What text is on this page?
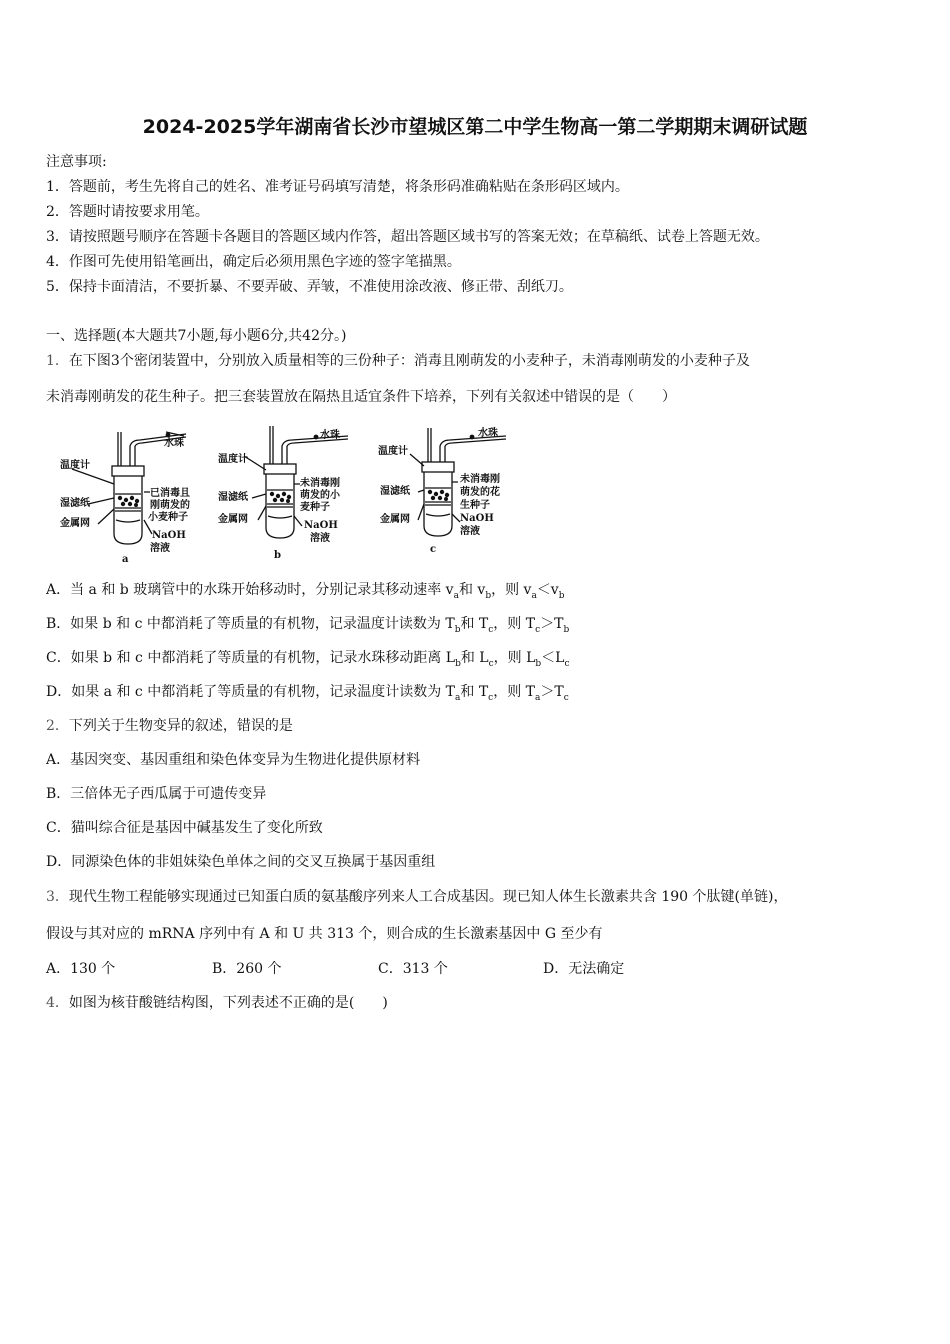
2024-2025学年湖南省长沙市望城区第二中学生物高一第二学期期末调研试题
注意事项:
1．答题前，考生先将自己的姓名、准考证号码填写清楚，将条形码准确粘贴在条形码区域内。
2．答题时请按要求用笔。
3．请按照题号顺序在答题卡各题目的答题区域内作答，超出答题区域书写的答案无效；在草稿纸、试卷上答题无效。
4．作图可先使用铅笔画出，确定后必须用黑色字迹的签字笔描黑。
5．保持卡面清洁，不要折暴、不要弄破、弄皱，不准使用涂改液、修正带、刮纸刀。
一、选择题(本大题共7小题,每小题6分,共42分。)
1．在下图3个密闭装置中，分别放入质量相等的三份种子：消毒且刚萌发的小麦种子，未消毒刚萌发的小麦种子及
未消毒刚萌发的花生种子。把三套装置放在隔热且适宜条件下培养，下列有关叙述中错误的是（　　）
温度计
水珠
湿滤纸
金属网
已消毒且
刚萌发的
小麦种子
NaOH
溶液
a
温度计
水珠
湿滤纸
金属网
未消毒刚
萌发的小
麦种子
NaOH
溶液
b
温度计
水珠
湿滤纸
金属网
未消毒刚
萌发的花
生种子
NaOH
溶液
c
A．当 a 和 b 玻璃管中的水珠开始移动时，分别记录其移动速率 $v_a$和 $v_b$，则 $v_a<v_b$
B．如果 b 和 c 中都消耗了等质量的有机物，记录温度计读数为 $T_b$和 $T_c$，则 $T_c>T_b$
C．如果 b 和 c 中都消耗了等质量的有机物，记录水珠移动距离 $L_b$和 $L_c$，则 $L_b<L_c$
D．如果 a 和 c 中都消耗了等质量的有机物，记录温度计读数为 $T_a$和 $T_c$，则 $T_a>T_c$
2．下列关于生物变异的叙述，错误的是
A．基因突变、基因重组和染色体变异为生物进化提供原材料
B．三倍体无子西瓜属于可遗传变异
C．猫叫综合征是基因中碱基发生了变化所致
D．同源染色体的非姐妹染色单体之间的交叉互换属于基因重组
3．现代生物工程能够实现通过已知蛋白质的氨基酸序列来人工合成基因。现已知人体生长激素共含 190 个肽键(单链)，
假设与其对应的 mRNA 序列中有 A 和 U 共 313 个，则合成的生长激素基因中 G 至少有
A．130 个	B．260 个	C．313 个	D．无法确定
4．如图为核苷酸链结构图，下列表述不正确的是(　　)
